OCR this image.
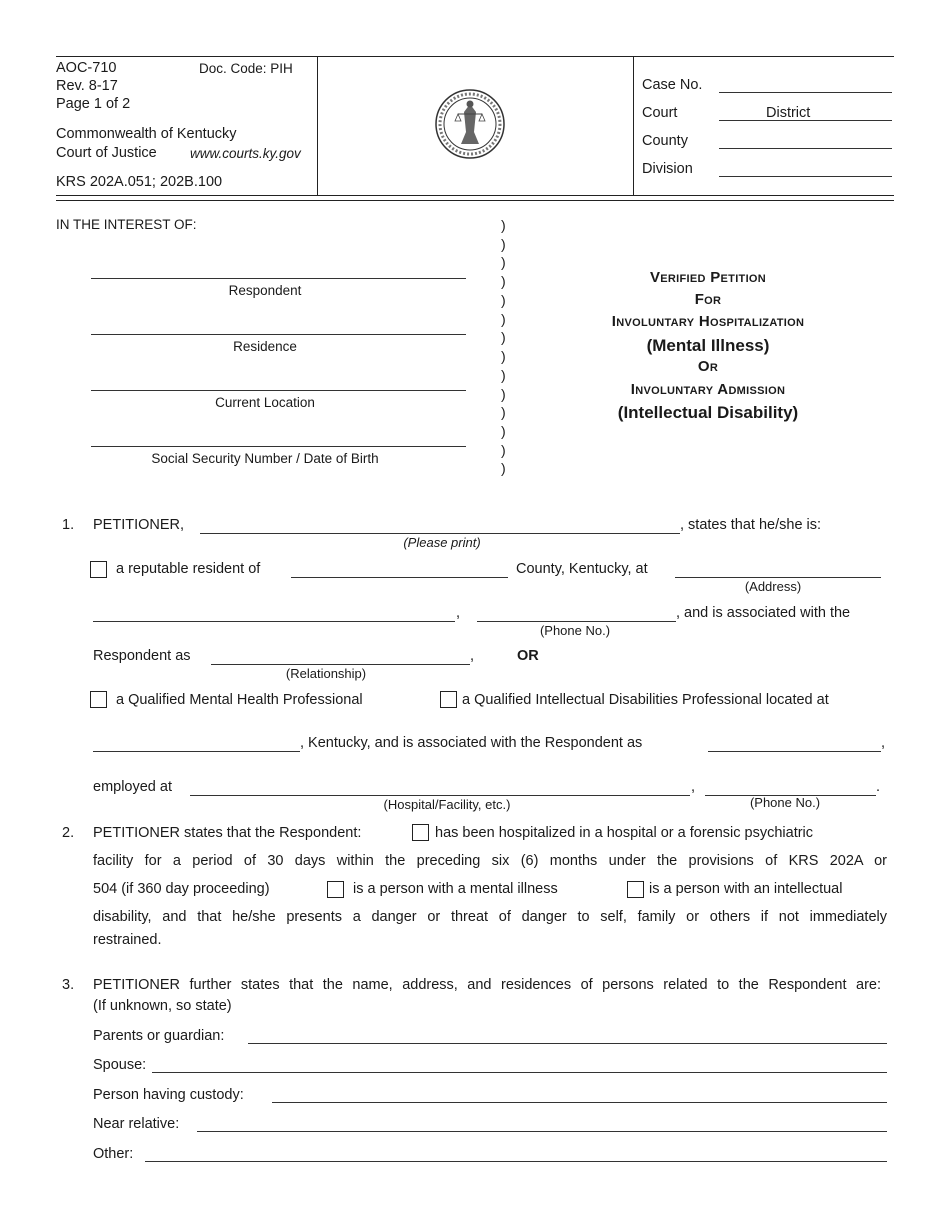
AOC-710	Doc. Code: PIH
Rev. 8-17
Page 1 of 2
Commonwealth of Kentucky
Court of Justice www.courts.ky.gov
KRS 202A.051; 202B.100
Case No.
Court	District
County
Division
IN THE INTEREST OF:
Respondent
Residence
Current Location
Social Security Number / Date of Birth
)
)
)
)
)
)
)
)
)
)
)
)
)
)
Verified Petition
For
Involuntary Hospitalization
(Mental Illness)
Or
Involuntary Admission
(Intellectual Disability)
1. PETITIONER,	, states that he/she is:
(Please print)
a reputable resident of	County, Kentucky, at
(Address)
,	, and is associated with the
(Phone No.)
Respondent as	,
(Relationship)
OR
a Qualified Mental Health Professional	a Qualified Intellectual Disabilities Professional located at
, Kentucky, and is associated with the Respondent as	,
employed at	,	.
(Hospital/Facility, etc.)	(Phone No.)
2. PETITIONER states that the Respondent:	has been hospitalized in a hospital or a forensic psychiatric
facility for a period of 30 days within the preceding six (6) months under the provisions of KRS 202A or
504 (if 360 day proceeding)	is a person with a mental illness	is a person with an intellectual
disability, and that he/she presents a danger or threat of danger to self, family or others if not immediately
restrained.
3. PETITIONER further states that the name, address, and residences of persons related to the Respondent are:
(If unknown, so state)
Parents or guardian:
Spouse:
Person having custody:
Near relative:
Other:
